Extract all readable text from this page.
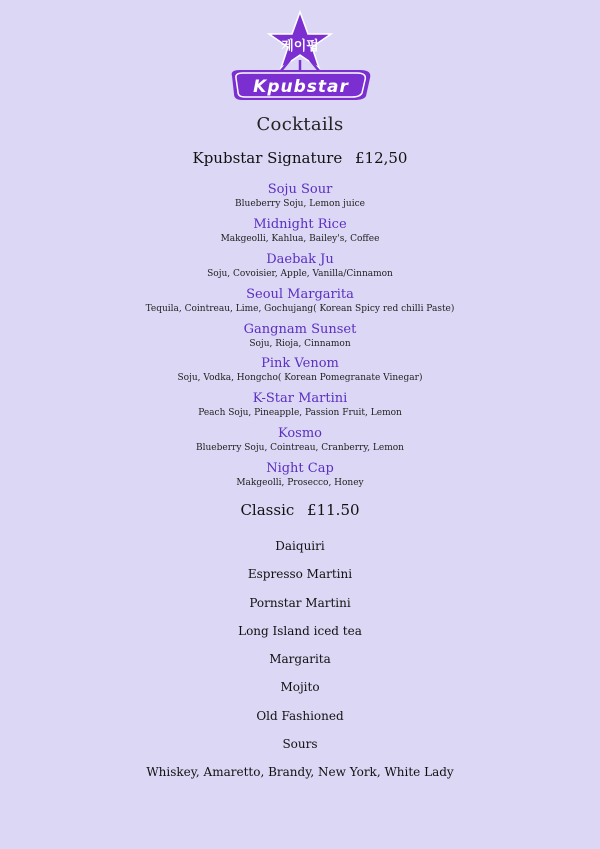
케이펍
Kpubstar
Cocktails
Kpubstar Signature £12,50
Soju Sour
Blueberry Soju, Lemon juice
Midnight Rice
Makgeolli, Kahlua, Bailey's, Coffee
Daebak Ju
Soju, Covoisier, Apple, Vanilla/Cinnamon
Seoul Margarita
Tequila, Cointreau, Lime, Gochujang( Korean Spicy red chilli Paste)
Gangnam Sunset
Soju, Rioja, Cinnamon
Pink Venom
Soju, Vodka, Hongcho( Korean Pomegranate Vinegar)
K-Star Martini
Peach Soju, Pineapple, Passion Fruit, Lemon
Kosmo
Blueberry Soju, Cointreau, Cranberry, Lemon
Night Cap
Makgeolli, Prosecco, Honey
Classic £11.50
Daiquiri
Espresso Martini
Pornstar Martini
Long Island iced tea
Margarita
Mojito
Old Fashioned
Sours
Whiskey, Amaretto, Brandy, New York, White Lady
